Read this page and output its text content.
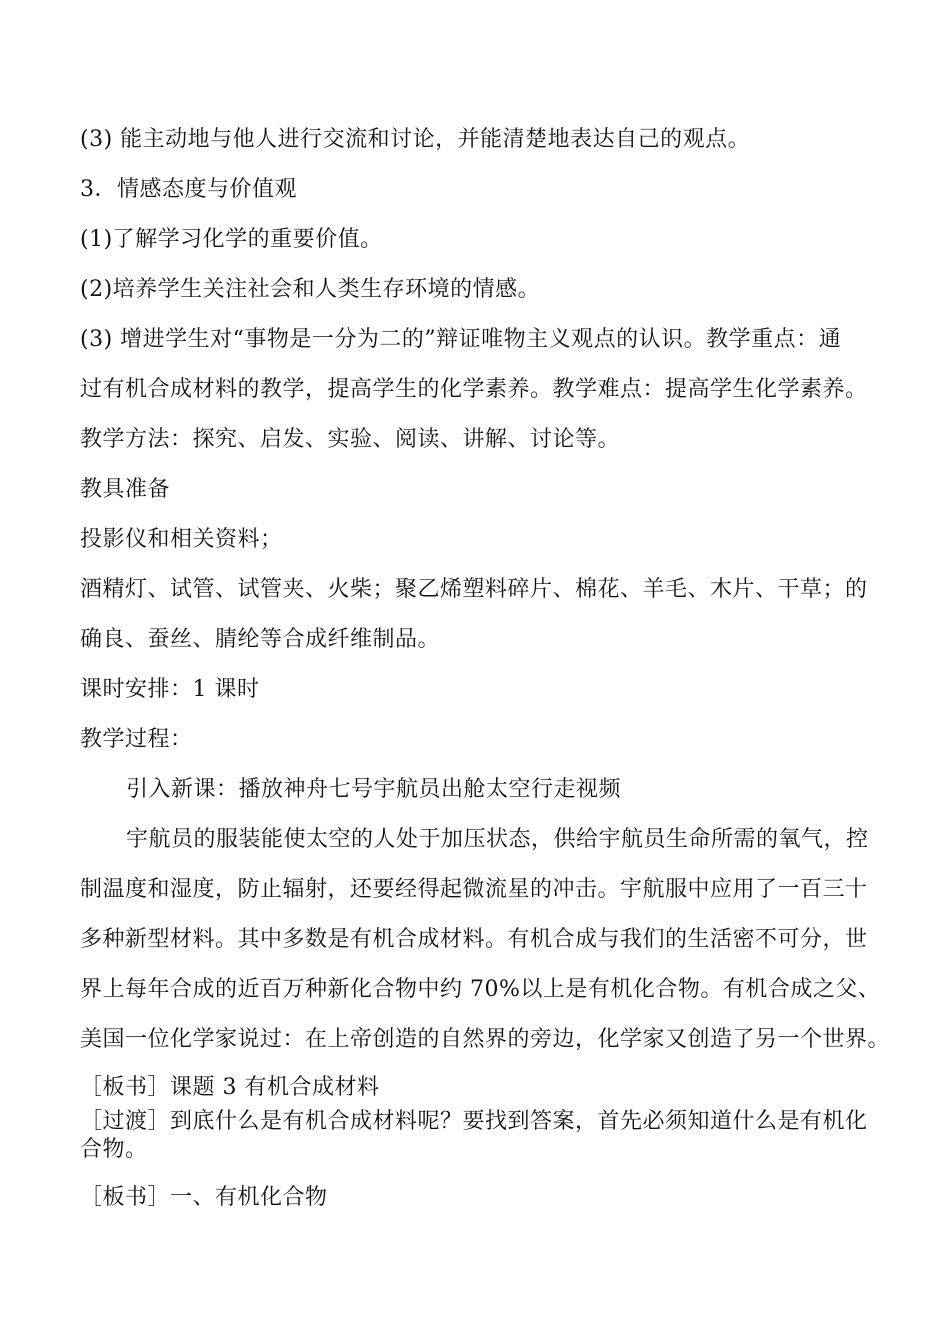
(3) 能主动地与他人进行交流和讨论，并能清楚地表达自己的观点。

3．情感态度与价值观

(1)了解学习化学的重要价值。

(2)培养学生关注社会和人类生存环境的情感。

(3) 增进学生对“事物是一分为二的”辩证唯物主义观点的认识。教学重点：通

过有机合成材料的教学，提高学生的化学素养。教学难点：提高学生化学素养。

教学方法：探究、启发、实验、阅读、讲解、讨论等。

教具准备

投影仪和相关资料；

酒精灯、试管、试管夹、火柴；聚乙烯塑料碎片、棉花、羊毛、木片、干草；的

确良、蚕丝、腈纶等合成纤维制品。

课时安排：1 课时

教学过程：

引入新课：播放神舟七号宇航员出舱太空行走视频

宇航员的服装能使太空的人处于加压状态，供给宇航员生命所需的氧气，控

制温度和湿度，防止辐射，还要经得起微流星的冲击。宇航服中应用了一百三十

多种新型材料。其中多数是有机合成材料。有机合成与我们的生活密不可分，世

界上每年合成的近百万种新化合物中约 70%以上是有机化合物。有机合成之父、

美国一位化学家说过：在上帝创造的自然界的旁边，化学家又创造了另一个世界。

［板书］课题 3 有机合成材料

［过渡］到底什么是有机合成材料呢？要找到答案，首先必须知道什么是有机化

合物。

［板书］一、有机化合物
